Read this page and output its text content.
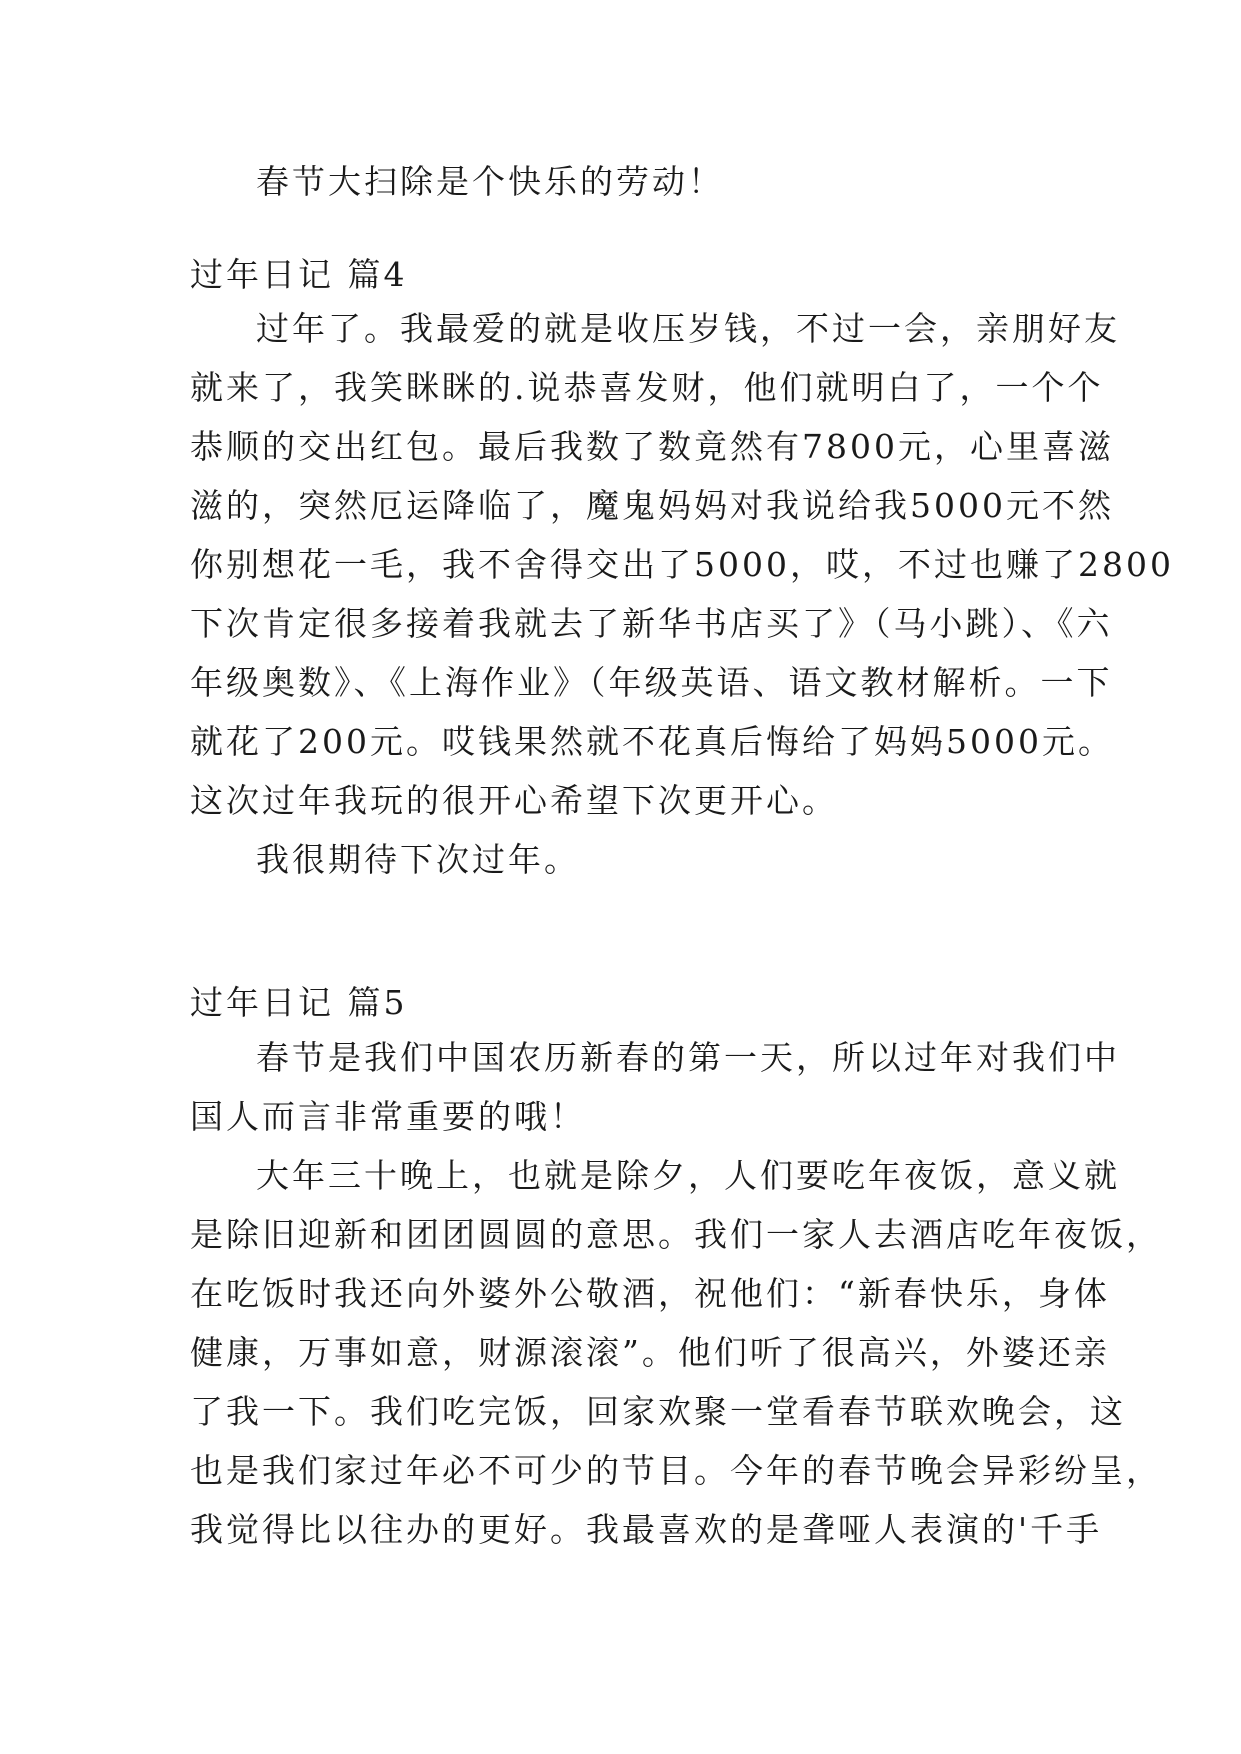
春节大扫除是个快乐的劳动！
过年日记 篇4
过年了。我最爱的就是收压岁钱，不过一会，亲朋好友
就来了，我笑眯眯的.说恭喜发财，他们就明白了，一个个
恭顺的交出红包。最后我数了数竟然有7800元，心里喜滋
滋的，突然厄运降临了，魔鬼妈妈对我说给我5000元不然
你别想花一毛，我不舍得交出了5000，哎，不过也赚了2800
下次肯定很多接着我就去了新华书店买了》（马小跳）、《六
年级奥数》、《上海作业》（年级英语、语文教材解析。一下
就花了200元。哎钱果然就不花真后悔给了妈妈5000元。
这次过年我玩的很开心希望下次更开心。
我很期待下次过年。
过年日记 篇5
春节是我们中国农历新春的第一天，所以过年对我们中
国人而言非常重要的哦！
大年三十晚上，也就是除夕，人们要吃年夜饭，意义就
是除旧迎新和团团圆圆的意思。我们一家人去酒店吃年夜饭，
在吃饭时我还向外婆外公敬酒，祝他们：“新春快乐，身体
健康，万事如意，财源滚滚”。他们听了很高兴，外婆还亲
了我一下。我们吃完饭，回家欢聚一堂看春节联欢晚会，这
也是我们家过年必不可少的节目。今年的春节晚会异彩纷呈，
我觉得比以往办的更好。我最喜欢的是聋哑人表演的'千手
